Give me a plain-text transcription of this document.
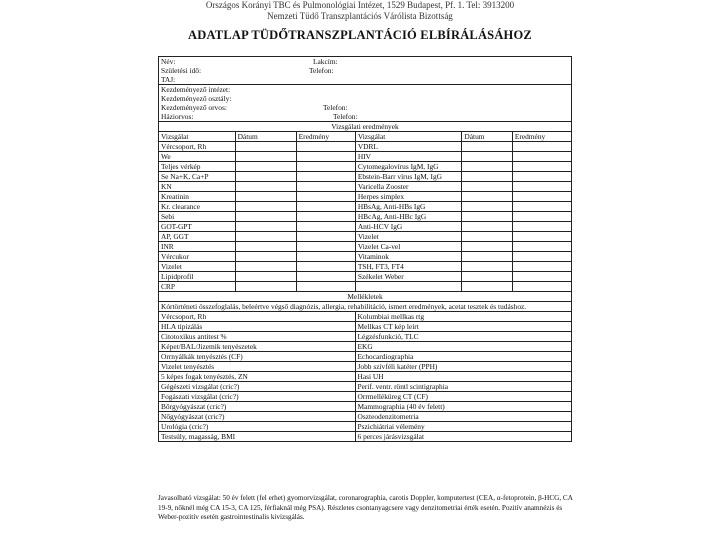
Országos Korányi TBC és Pulmonológiai Intézet, 1529 Budapest, Pf. 1. Tel: 3913200
Nemzeti Tüdő Transzplantációs Várólista Bizottság
ADATLAP TÜDŐTRANSZPLANTÁCIÓ ELBÍRÁLÁSÁHOZ
Név:	Lakcím:
Születési idő:	Telefon:
TAJ:
Kezdeményező intézet:
Kezdeményező osztály:
Kezdeményező orvos:	Telefon:
Háziorvos:	Telefon:
Vizsgálati eredmények
Vizsgálat	Dátum	Eredmény	Vizsgálat	Dátum	Eredmény
Vércsoport, Rh	VDRL
We	HIV
Teljes vérkép	Cytomegalovírus IgM, IgG
Se Na+K, Ca+P	Ebstein-Barr vírus IgM, IgG
KN	Varicella Zooster
Kreatinin	Herpes simplex
Kr. clearance	HBsAg, Anti-HBs IgG
Sebi	HBcAg, Anti-HBc IgG
GOT-GPT	Anti-HCV IgG
AP, GGT	Vizelet
INR	Vizelet Ca-vel
Vércukor	Vitaminok
Vizelet	TSH, FT3, FT4
Lipidprofil	Székelet Weber
CRP
Mellékletek
Kórtörténeti összefoglalás, beleértve végső diagnózis, allergia, rehabilitáció, ismert eredmények, acetat tesztek és tudáshoz.
Vércsoport, Rh	Kolumbiai mellkas rtg
HLA tipizálás	Mellkas CT kép leírt
Citotoxikus antitest %	Légzésfunkció, TLC
Képet/BAL/Jizemik tenyészetek	EKG
Orrnyálkák tenyésztés (CF)	Echocardiographia
Vizelet tenyésztés	Jobb szívféli katéter (PPH)
5 képes fogak tenyésztés, ZN	Hasi UH
Gégészeti vizsgálat (cric?)	Perif. ventr. röntl scintigraphia
Fogászati vizsgálat (cric?)	Orrmelléküreg CT (CF)
Bőrgyógyászat (cric?)	Mammographia (40 év felett)
Nőgyógyászat (cric?)	Oszteodenzitometria
Urológia (cric?)	Pszichiátriai vélemény
Testsúly, magasság, BMI	6 perces járásvizsgálat
Javasolható vizsgálat: 50 év felett (fel erhet) gyomorvizsgálat, coronarographia, carotis Doppler, komputertest (CEA, α-fetoprotein, β-HCG, CA 19-9, nőknél még CA 15-3, CA 125, férfiaknál még PSA). Részletes csontanyagcsere vagy denzitometriai érték esetén. Pozitív anamnézis és Weber-pozitív esetén gastrointestinalis kivizsgálás.
